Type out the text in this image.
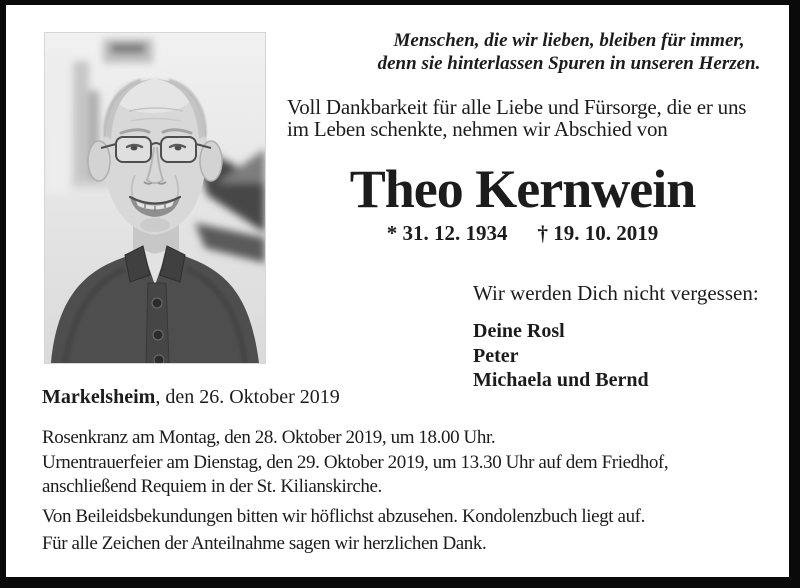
Menschen, die wir lieben, bleiben für immer,
denn sie hinterlassen Spuren in unseren Herzen.
Voll Dankbarkeit für alle Liebe und Fürsorge, die er uns
im Leben schenkte, nehmen wir Abschied von
Theo Kernwein
* 31. 12. 1934 † 19. 10. 2019
Wir werden Dich nicht vergessen:
Deine Rosl
Peter
Michaela und Bernd
Markelsheim, den 26. Oktober 2019
Rosenkranz am Montag, den 28. Oktober 2019, um 18.00 Uhr.
Urnentrauerfeier am Dienstag, den 29. Oktober 2019, um 13.30 Uhr auf dem Friedhof,
anschließend Requiem in der St. Kilianskirche.
Von Beileidsbekundungen bitten wir höflichst abzusehen. Kondolenzbuch liegt auf.
Für alle Zeichen der Anteilnahme sagen wir herzlichen Dank.
